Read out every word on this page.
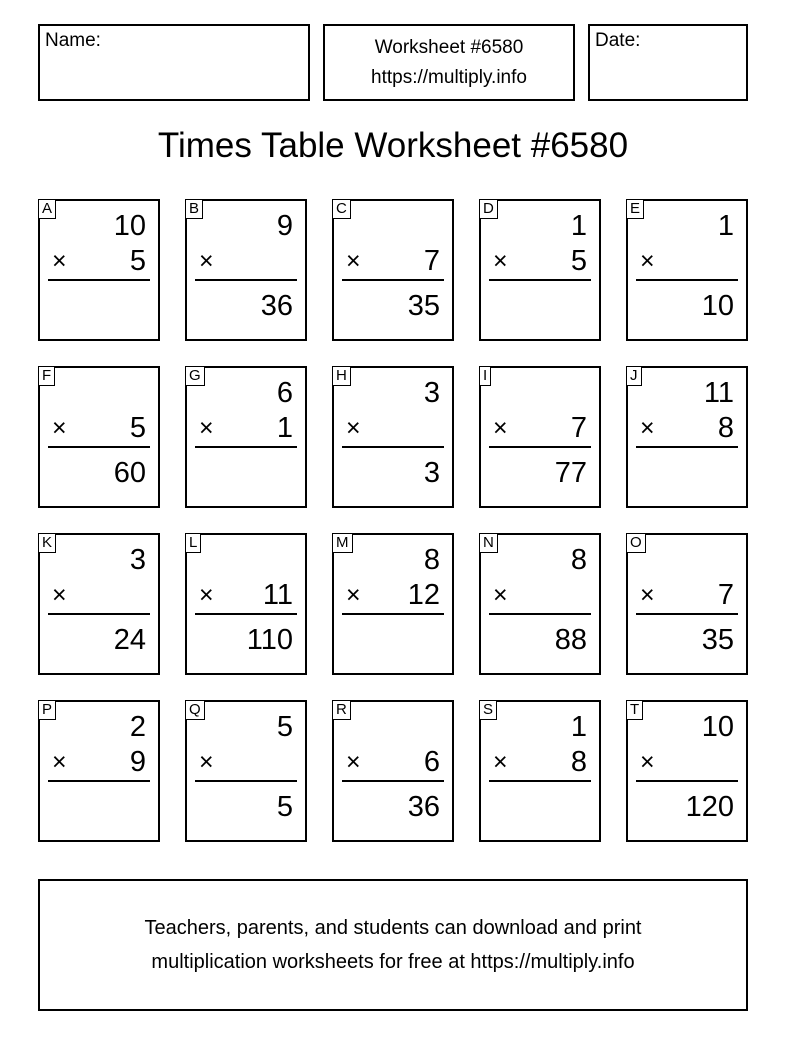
Name:	Worksheet #6580
https://multiply.info
Date:
Times Table Worksheet #6580
A
10
× 5
B
9
×
36
C
× 7
35
D
1
× 5
E
1
×
10
F
× 5
60
G
6
× 1
H
3
×
3
I
× 7
77
J
11
× 8
K
3
×
24
L
× 11
110
M
8
× 12
N
8
×
88
O
× 7
35
P
2
× 9
Q
5
×
5
R
× 6
36
S
1
× 8
T
10
×
120
Teachers, parents, and students can download and print
multiplication worksheets for free at https://multiply.info
